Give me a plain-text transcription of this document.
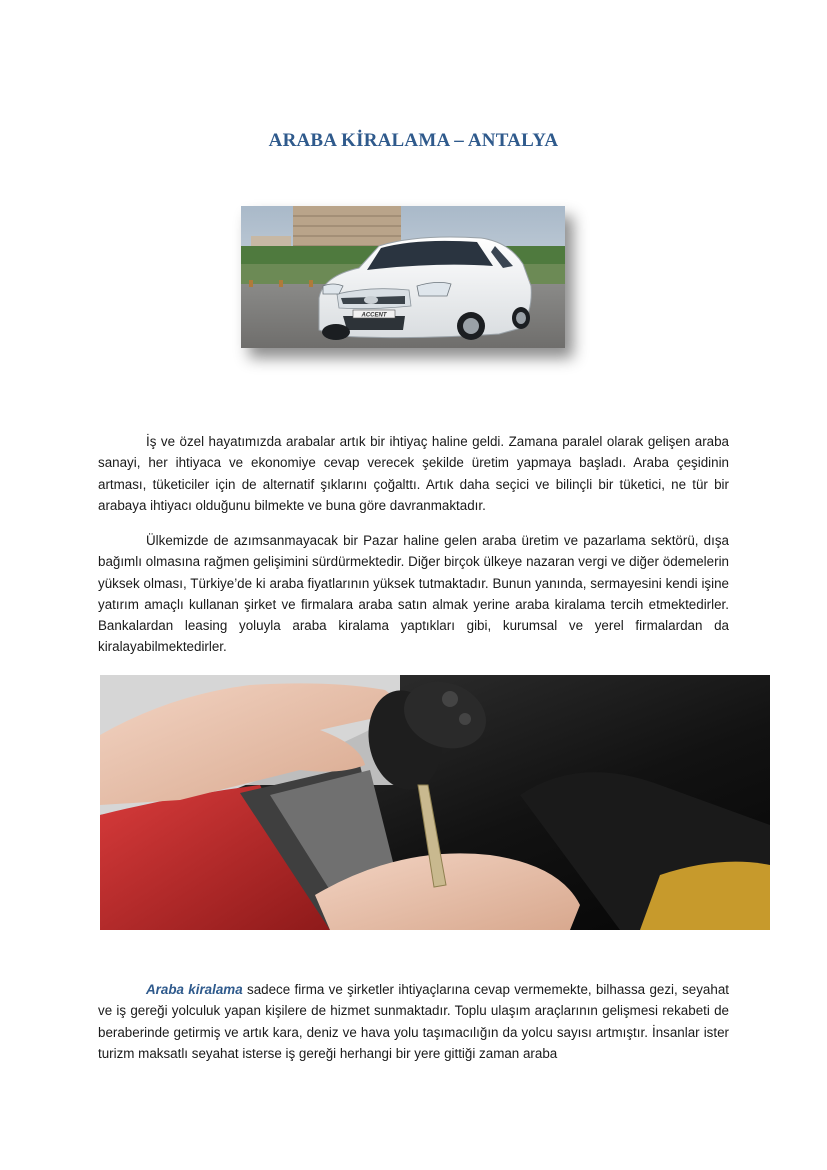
ARABA KİRALAMA – ANTALYA
ACCENT

İş ve özel hayatımızda arabalar artık bir ihtiyaç haline geldi. Zamana paralel olarak gelişen araba sanayi, her ihtiyaca ve ekonomiye cevap verecek şekilde üretim yapmaya başladı. Araba çeşidinin artması, tüketiciler için de alternatif şıklarını çoğalttı. Artık daha seçici ve bilinçli bir tüketici, ne tür bir arabaya ihtiyacı olduğunu bilmekte ve buna göre davranmaktadır.

Ülkemizde de azımsanmayacak bir Pazar haline gelen araba üretim ve pazarlama sektörü, dışa bağımlı olmasına rağmen gelişimini sürdürmektedir. Diğer birçok ülkeye nazaran vergi ve diğer ödemelerin yüksek olması, Türkiye’de ki araba fiyatlarının yüksek tutmaktadır. Bunun yanında, sermayesini kendi işine yatırım amaçlı kullanan şirket ve firmalara araba satın almak yerine araba kiralama tercih etmektedirler. Bankalardan leasing yoluyla araba kiralama yaptıkları gibi, kurumsal ve yerel firmalardan da kiralayabilmektedirler.

Araba kiralama sadece firma ve şirketler ihtiyaçlarına cevap vermemekte, bilhassa gezi, seyahat ve iş gereği yolculuk yapan kişilere de hizmet sunmaktadır. Toplu ulaşım araçlarının gelişmesi rekabeti de beraberinde getirmiş ve artık kara, deniz ve hava yolu taşımacılığın da yolcu sayısı artmıştır. İnsanlar ister turizm maksatlı seyahat isterse iş gereği herhangi bir yere gittiği zaman araba
